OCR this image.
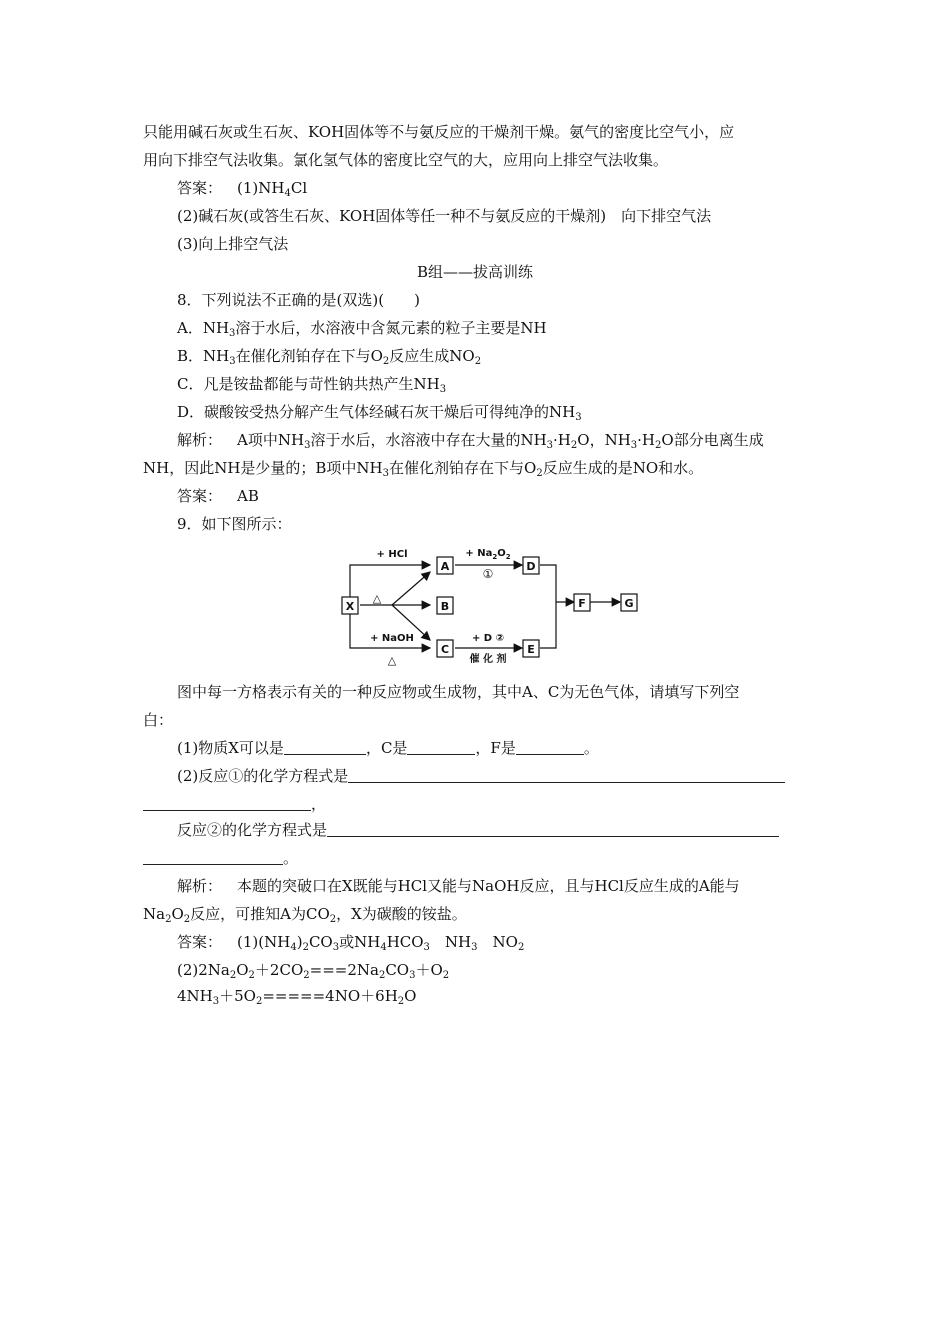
只能用碱石灰或生石灰、KOH固体等不与氨反应的干燥剂干燥。氨气的密度比空气小，应
用向下排空气法收集。氯化氢气体的密度比空气的大，应用向上排空气法收集。
答案：  $(1)NH_4Cl$
(2)碱石灰(或答生石灰、KOH固体等任一种不与氨反应的干燥剂)　向下排空气法
(3)向上排空气法
B组——拔高训练
8．下列说法不正确的是(双选)(　　)
A．$NH_3$溶于水后，水溶液中含氮元素的粒子主要是NH
B．$NH_3$在催化剂铂存在下与$O_2$反应生成$NO_2$
C．凡是铵盐都能与苛性钠共热产生$NH_3$
D．碳酸铵受热分解产生气体经碱石灰干燥后可得纯净的$NH_3$
解析：  A项中$NH_3$溶于水后，水溶液中存在大量的$NH_3\cdot H_2O$，$NH_3\cdot H_2O$部分电离生成
NH，因此NH是少量的；B项中$NH_3$在催化剂铂存在下与$O_2$反应生成的是NO和水。
答案：  AB
9．如下图所示：
X
A
B
C
D
E
F	G
+ HCl	+ $Na_2O_2$
①
△
+ NaOH
△
+ D ②
催 化 剂
图中每一方格表示有关的一种反应物或生成物，其中A、C为无色气体，请填写下列空
白：
(1)物质X可以是	，C是	，F是	。
(2)反应①的化学方程式是
，
反应②的化学方程式是
。
解析：  本题的突破口在X既能与HCl又能与NaOH反应，且与HCl反应生成的A能与
$Na_2O_2$反应，可推知A为$CO_2$，X为碳酸的铵盐。
答案：  $(1)(NH_4)_2CO_3$或$NH_4HCO_3$　$NH_3$　$NO_2$
$(2)2Na_2O_2+2CO_2===2Na_2CO_3+O_2$
$4NH_3+5O_2=====4NO+6H_2O$
